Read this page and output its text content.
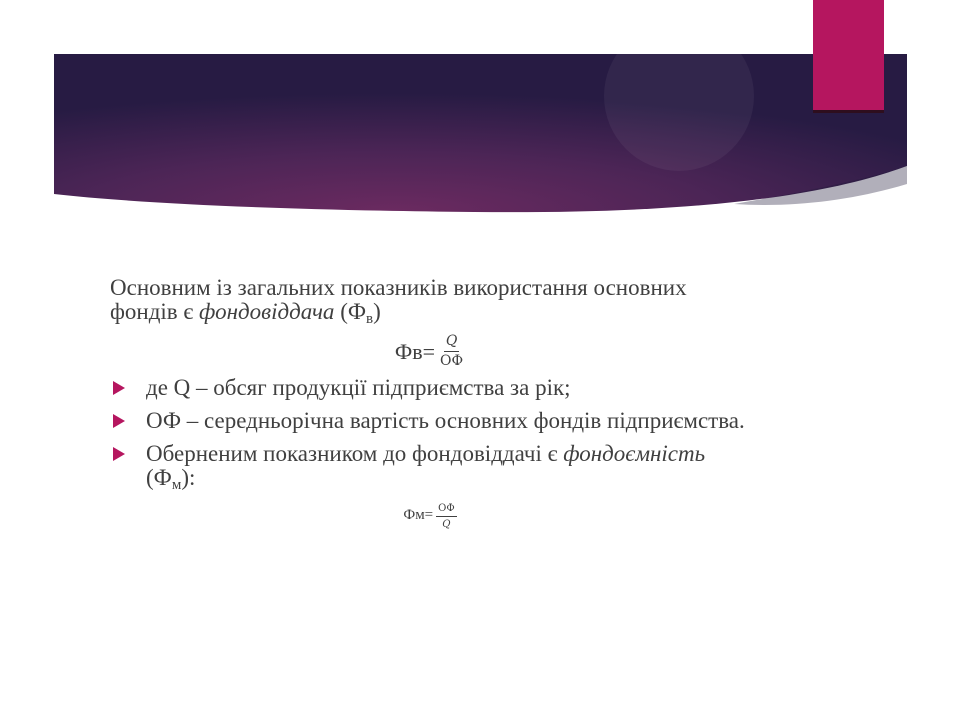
Основним із загальних показників використання основних фондів є фондовіддача $(Ф_в)$

$Фв= \frac{Q}{ОФ}$
де Q – обсяг продукції підприємства за рік;
ОФ – середньорічна вартість основних фондів підприємства.
Оберненим показником до фондовіддачі є фондоємність $(Ф_м)$:
$Фм= \frac{ОФ}{Q}$
